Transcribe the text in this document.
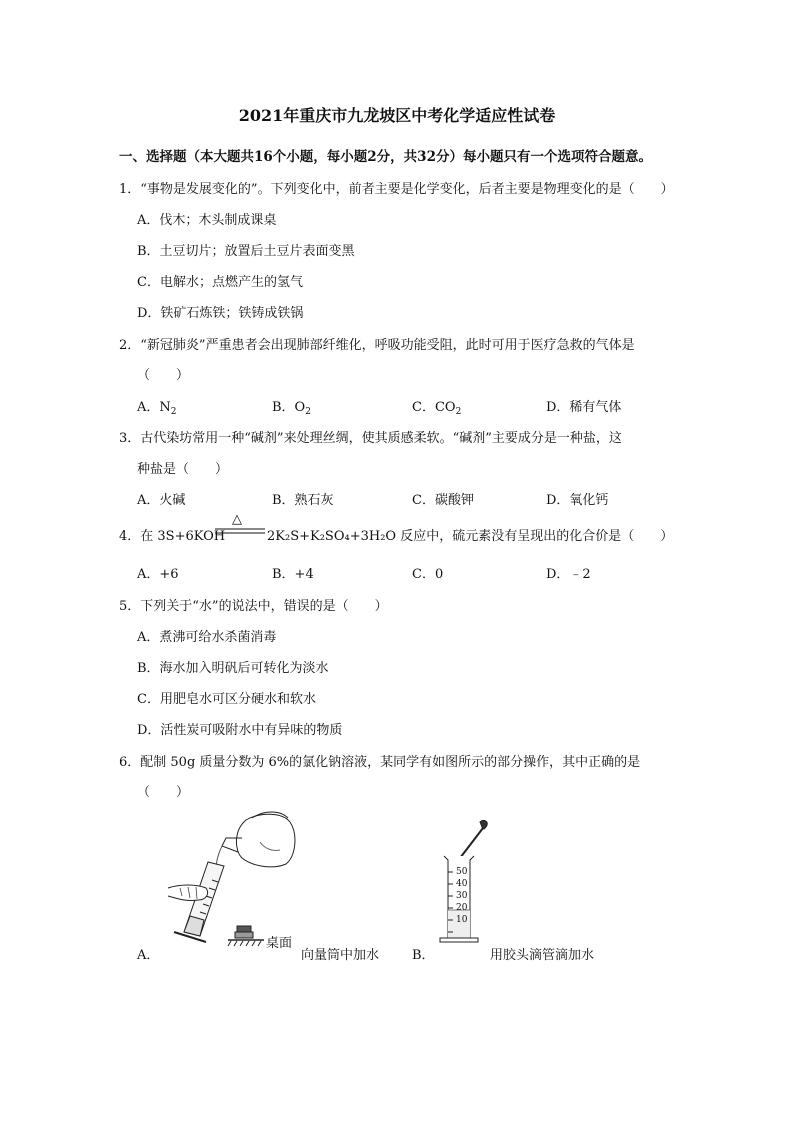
2021年重庆市九龙坡区中考化学适应性试卷
一、选择题（本大题共16个小题，每小题2分，共32分）每小题只有一个选项符合题意。
1．“事物是发展变化的”。下列变化中，前者主要是化学变化，后者主要是物理变化的是（　　）
A．伐木；木头制成课桌
B．土豆切片；放置后土豆片表面变黑
C．电解水；点燃产生的氢气
D．铁矿石炼铁；铁铸成铁锅
2．“新冠肺炎”严重患者会出现肺部纤维化，呼吸功能受阻，此时可用于医疗急救的气体是
（　　）
A．$N_2$	B．$O_2$	C．$CO_2$	D．稀有气体
3．古代染坊常用一种“碱剂”来处理丝绸，使其质感柔软。“碱剂”主要成分是一种盐，这
种盐是（　　）
A．火碱	B．熟石灰	C．碳酸钾	D．氧化钙
4．在 3S+6KOH
△
2K₂S+K₂SO₄+3H₂O 反应中，硫元素没有呈现出的化合价是（　　）
A．+6	B．+4	C．0	D．﹣2
5．下列关于“水”的说法中，错误的是（　　）
A．煮沸可给水杀菌消毒
B．海水加入明矾后可转化为淡水
C．用肥皂水可区分硬水和软水
D．活性炭可吸附水中有异味的物质
6．配制 50g 质量分数为 6%的氯化钠溶液，某同学有如图所示的部分操作，其中正确的是
（　　）
桌面
A．	向量筒中加水
50
40
30
20
10
B．	用胶头滴管滴加水
